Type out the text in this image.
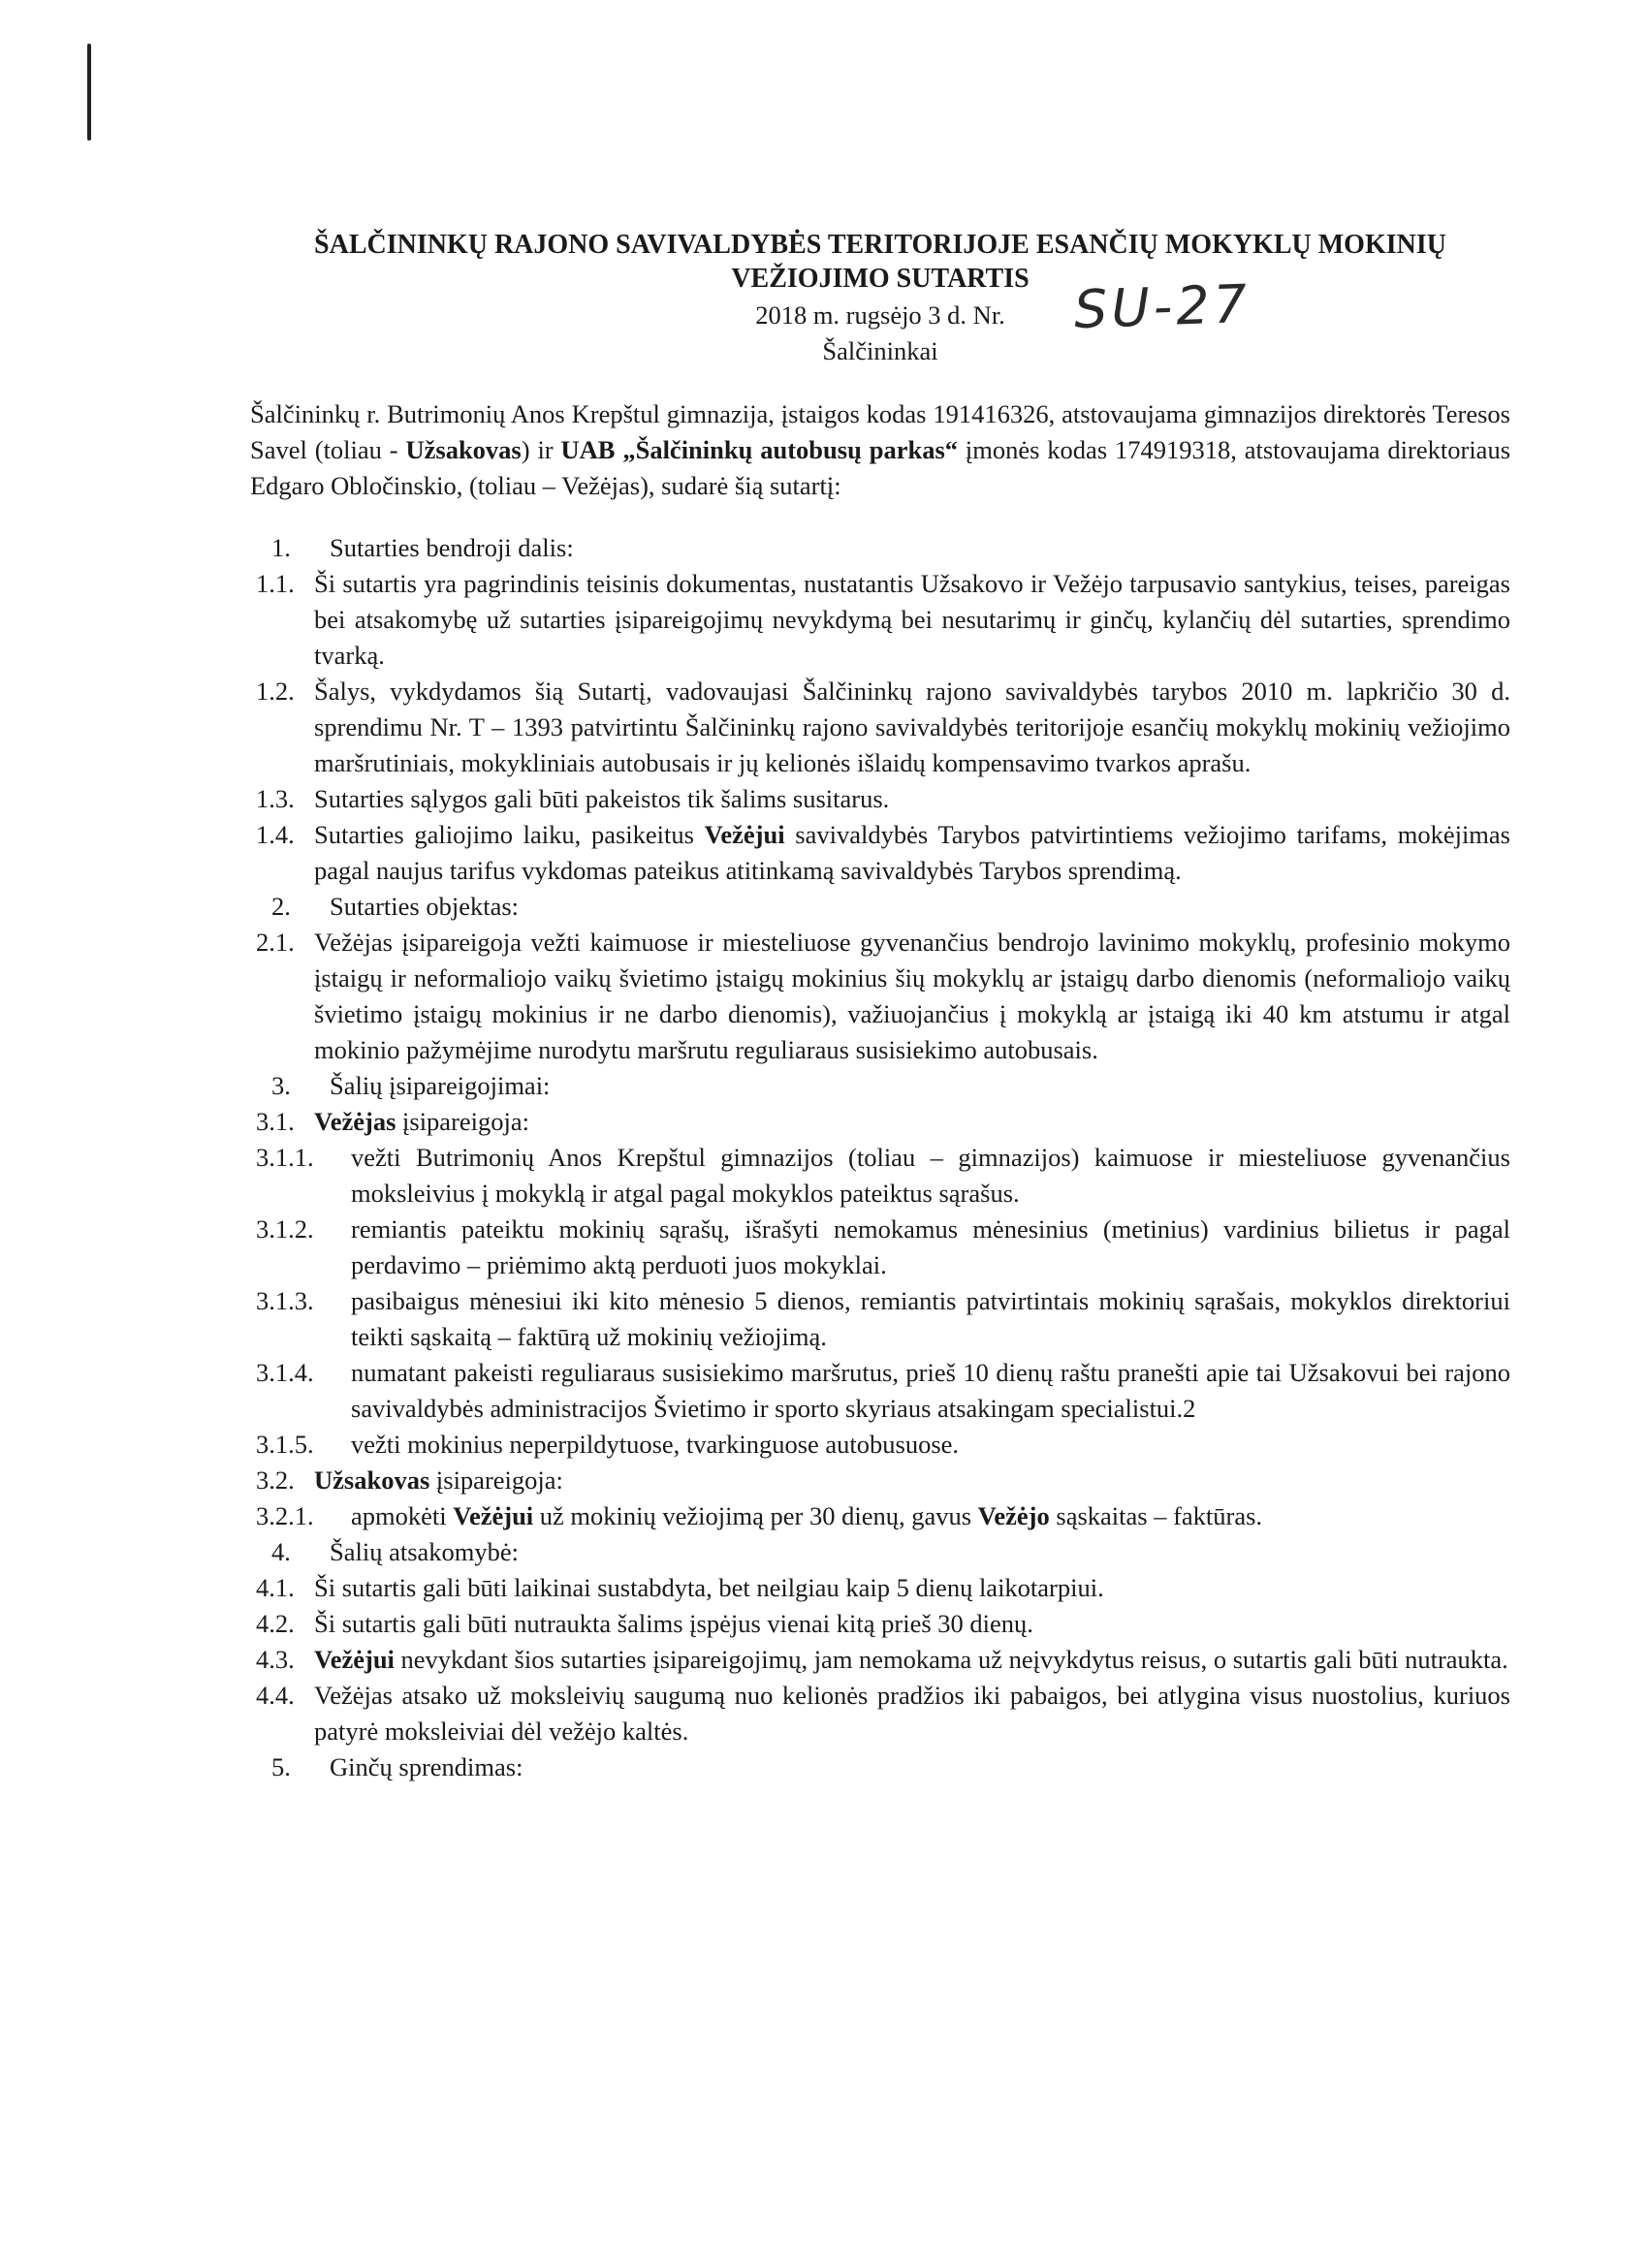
ŠALČININKŲ RAJONO SAVIVALDYBĖS TERITORIJOJE ESANČIŲ MOKYKLŲ MOKINIŲ

VEŽIOJIMO SUTARTIS

2018 m. rugsėjo 3 d. Nr. SU-27

Šalčininkai

Šalčininkų r. Butrimonių Anos Krepštul gimnazija, įstaigos kodas 191416326, atstovaujama gimnazijos direktorės Teresos Savel (toliau - Užsakovas) ir UAB „Šalčininkų autobusų parkas“ įmonės kodas 174919318, atstovaujama direktoriaus Edgaro Obločinskio, (toliau – Vežėjas), sudarė šią sutartį:

1.	Sutarties bendroji dalis:
1.1. Ši sutartis yra pagrindinis teisinis dokumentas, nustatantis Užsakovo ir Vežėjo tarpusavio santykius, teises, pareigas bei atsakomybę už sutarties įsipareigojimų nevykdymą bei nesutarimų ir ginčų, kylančių dėl sutarties, sprendimo tvarką.
1.2. Šalys, vykdydamos šią Sutartį, vadovaujasi Šalčininkų rajono savivaldybės tarybos 2010 m. lapkričio 30 d. sprendimu Nr. T – 1393 patvirtintu Šalčininkų rajono savivaldybės teritorijoje esančių mokyklų mokinių vežiojimo maršrutiniais, mokykliniais autobusais ir jų kelionės išlaidų kompensavimo tvarkos aprašu.
1.3. Sutarties sąlygos gali būti pakeistos tik šalims susitarus.
1.4. Sutarties galiojimo laiku, pasikeitus Vežėjui savivaldybės Tarybos patvirtintiems vežiojimo tarifams, mokėjimas pagal naujus tarifus vykdomas pateikus atitinkamą savivaldybės Tarybos sprendimą.
2.	Sutarties objektas:
2.1. Vežėjas įsipareigoja vežti kaimuose ir miesteliuose gyvenančius bendrojo lavinimo mokyklų, profesinio mokymo įstaigų ir neformaliojo vaikų švietimo įstaigų mokinius šių mokyklų ar įstaigų darbo dienomis (neformaliojo vaikų švietimo įstaigų mokinius ir ne darbo dienomis), važiuojančius į mokyklą ar įstaigą iki 40 km atstumu ir atgal mokinio pažymėjime nurodytu maršrutu reguliaraus susisiekimo autobusais.
3.	Šalių įsipareigojimai:
3.1. Vežėjas įsipareigoja:
3.1.1.	vežti Butrimonių Anos Krepštul gimnazijos (toliau – gimnazijos) kaimuose ir miesteliuose gyvenančius moksleivius į mokyklą ir atgal pagal mokyklos pateiktus sąrašus.
3.1.2.	remiantis pateiktu mokinių sąrašų, išrašyti nemokamus mėnesinius (metinius) vardinius bilietus ir pagal perdavimo – priėmimo aktą perduoti juos mokyklai.
3.1.3.	pasibaigus mėnesiui iki kito mėnesio 5 dienos, remiantis patvirtintais mokinių sąrašais, mokyklos direktoriui teikti sąskaitą – faktūrą už mokinių vežiojimą.
3.1.4.	numatant pakeisti reguliaraus susisiekimo maršrutus, prieš 10 dienų raštu pranešti apie tai Užsakovui bei rajono savivaldybės administracijos Švietimo ir sporto skyriaus atsakingam specialistui.2
3.1.5.	vežti mokinius neperpildytuose, tvarkinguose autobusuose.
3.2. Užsakovas įsipareigoja:
3.2.1.	apmokėti Vežėjui už mokinių vežiojimą per 30 dienų, gavus Vežėjo sąskaitas – faktūras.
4.	Šalių atsakomybė:
4.1. Ši sutartis gali būti laikinai sustabdyta, bet neilgiau kaip 5 dienų laikotarpiui.
4.2. Ši sutartis gali būti nutraukta šalims įspėjus vienai kitą prieš 30 dienų.
4.3. Vežėjui nevykdant šios sutarties įsipareigojimų, jam nemokama už neįvykdytus reisus, o sutartis gali būti nutraukta.
4.4. Vežėjas atsako už moksleivių saugumą nuo kelionės pradžios iki pabaigos, bei atlygina visus nuostolius, kuriuos patyrė moksleiviai dėl vežėjo kaltės.
5.	Ginčų sprendimas:
